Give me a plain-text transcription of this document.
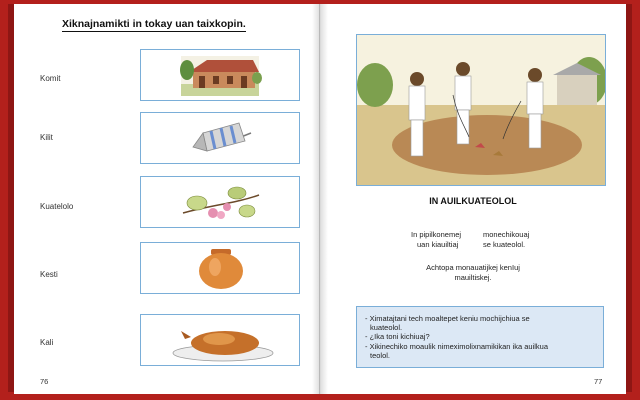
Xiknajnamikti in tokay uan taixkopin.
Komit
Kilit
Kuatelolo
Kesti
Kali
76
IN AUILKUATEOLOL
In pipilkonemej	monechikouaj
uan kiauiltiaj	se kuateolol.
Achtopa monauatijkej kenIuj
mauiltiskej.

- Ximatajtani tech moaltepet keniu mochijchiua se

kuateolol.

- ¿Ika toni kichiuaj?

- Xikinechiko moaulik nimeximolixnamikikan ika auilkua

teolol.

77
